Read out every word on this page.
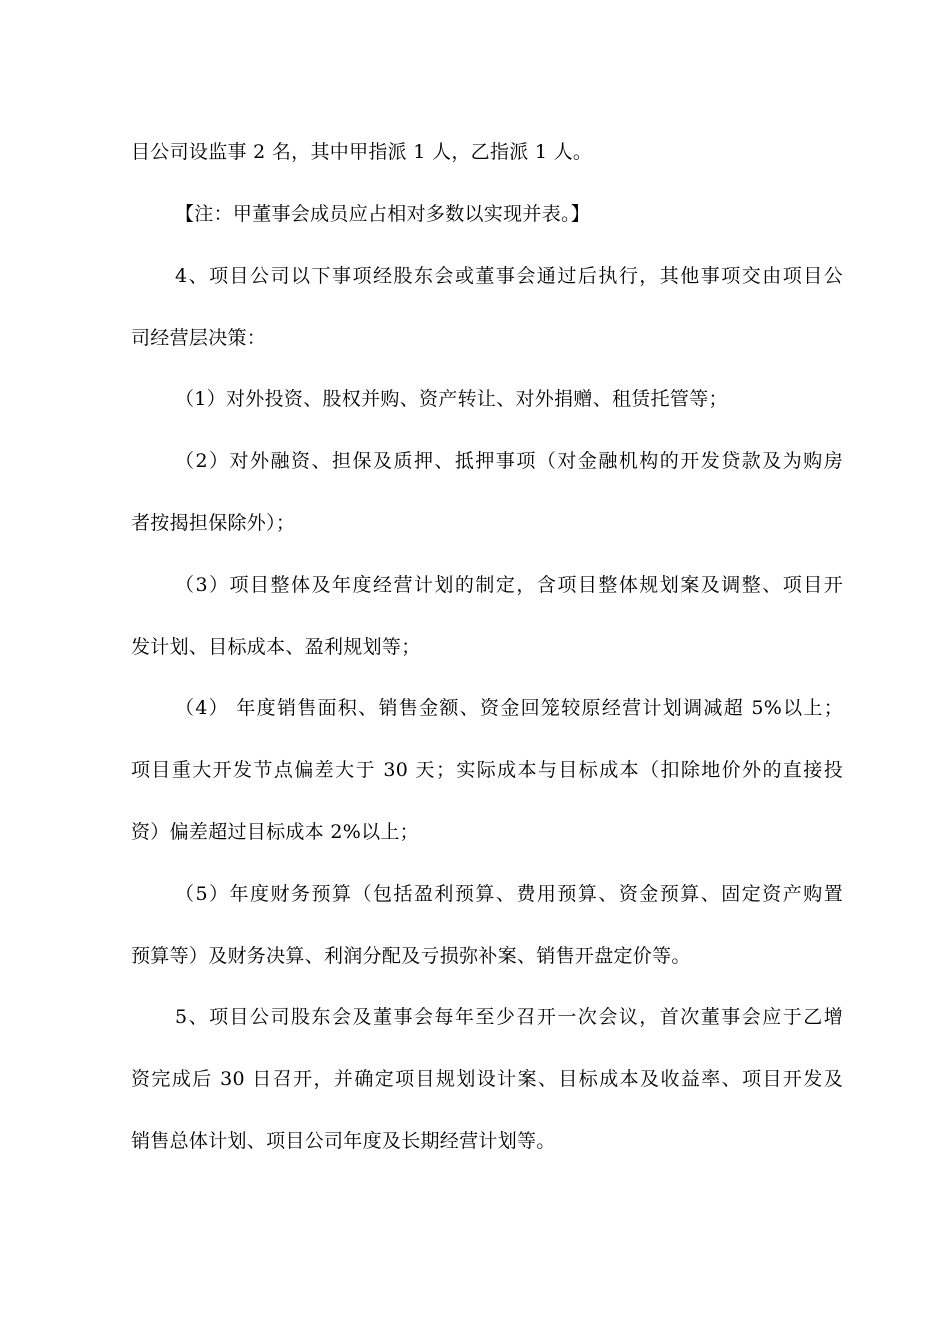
目公司设监事 2 名，其中甲指派 1 人，乙指派 1 人。
【注：甲董事会成员应占相对多数以实现并表。】
4、项目公司以下事项经股东会或董事会通过后执行，其他事项交由项目公
司经营层决策：
（1）对外投资、股权并购、资产转让、对外捐赠、租赁托管等；
（2）对外融资、担保及质押、抵押事项（对金融机构的开发贷款及为购房
者按揭担保除外）；
（3）项目整体及年度经营计划的制定，含项目整体规划案及调整、项目开
发计划、目标成本、盈利规划等；
（4） 年度销售面积、销售金额、资金回笼较原经营计划调减超 5%以上；
项目重大开发节点偏差大于 30 天；实际成本与目标成本（扣除地价外的直接投
资）偏差超过目标成本 2%以上；
（5）年度财务预算（包括盈利预算、费用预算、资金预算、固定资产购置
预算等）及财务决算、利润分配及亏损弥补案、销售开盘定价等。
5、项目公司股东会及董事会每年至少召开一次会议，首次董事会应于乙增
资完成后 30 日召开，并确定项目规划设计案、目标成本及收益率、项目开发及
销售总体计划、项目公司年度及长期经营计划等。
